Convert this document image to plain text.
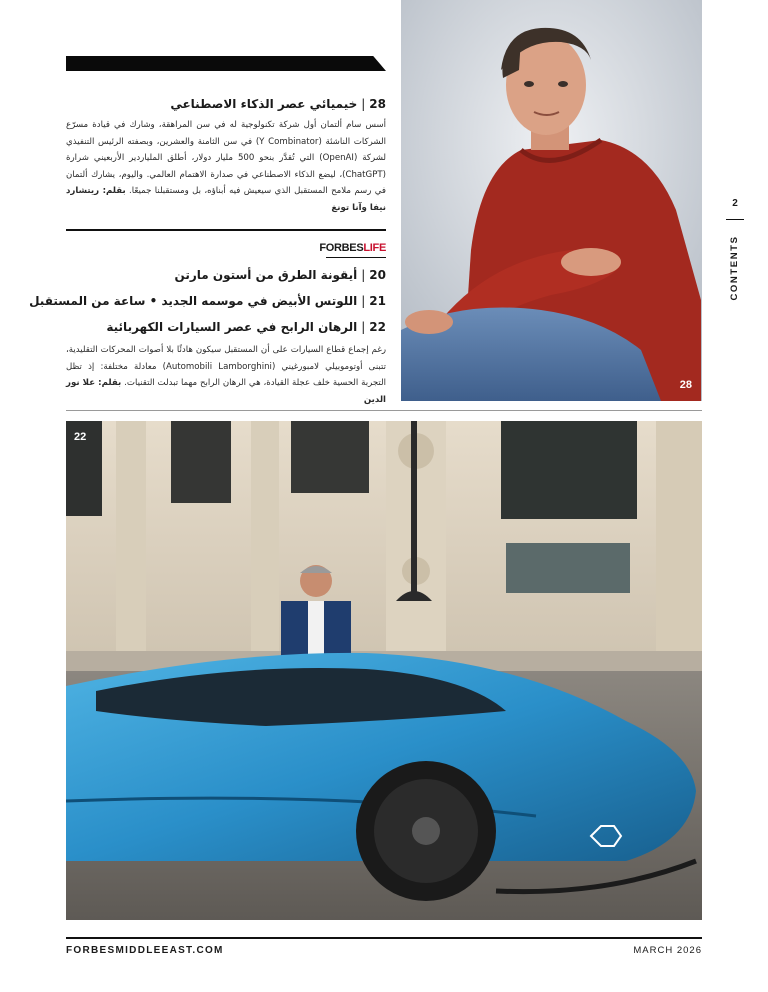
28|خيميائي عصر الذكاء الاصطناعي

أسس سام ألتمان أول شركة تكنولوجية له في سن المراهقة، وشارك في قيادة مسرّع الشركات الناشئة (Y Combinator) في سن الثامنة والعشرين، وبصفته الرئيس التنفيذي لشركة (OpenAI) التي تُقدَّر بنحو 500 مليار دولار، أطلق الملياردير الأربعيني شرارة (ChatGPT)، ليضع الذكاء الاصطناعي في صدارة الاهتمام العالمي. واليوم، يشارك ألتمان في رسم ملامح المستقبل الذي سيعيش فيه أبناؤه، بل ومستقبلنا جميعًا. بقلم: ريتشارد نيفا وآنا تونغ

FORBESLIFE
20|أيقونة الطرق من أستون مارتن
21|اللوتس الأبيض في موسمه الجديد • ساعة من المستقبل
22|الرهان الرابح في عصر السيارات الكهربائية

رغم إجماع قطاع السيارات على أن المستقبل سيكون هادئًا بلا أصوات المحركات التقليدية، تتبنى أوتوموبيلي لامبورغيني (Automobili Lamborghini) معادلة مختلفة: إذ تظل التجربة الحسية خلف عجلة القيادة، هي الرهان الرابح مهما تبدلت التقنيات. بقلم: علا نور الدين

28
2
CONTENTS
22
FORBESMIDDLEEAST.COM	MARCH 2026
